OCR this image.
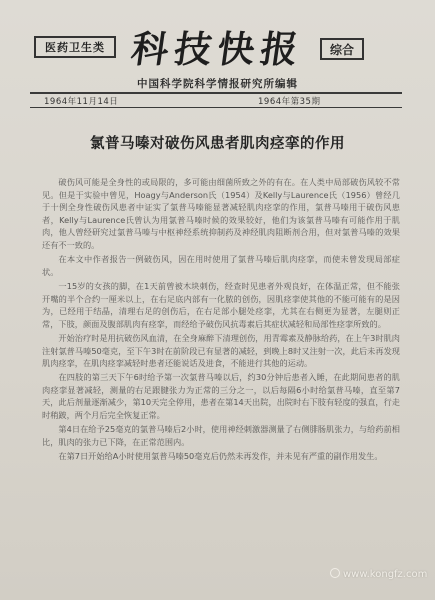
医药卫生类 科技快报	综合
中国科学院科学情报研究所编辑
1964年11月14日	1964年第35期
氯普马嗪对破伤风患者肌肉痉挛的作用

破伤风可能是全身性的或局限的，多可能由细菌所致之外的有在。在人类中局部破伤风较不常见。但是于实验中曾见，Hoagy与Anderson氏（1954）及Kelly与Laurence氏（1956）曾经几于十例全身性破伤风患者中证实了氯普马嗪能显著减轻肌肉痉挛的作用，氯普马嗪用于破伤风患者，Kelly与Laurence氏曾认为用氯普马嗪时候的效果较好，他们为该氯普马嗪有可能作用于肌肉，他人曾经研究过氯普马嗪与中枢神经系统抑制药及神经肌肉阻断剂合用，但对氯普马嗪的效果还有不一致的。

在本文中作者报告一例破伤风，因在用时使用了氯普马嗪后肌肉痉挛，而使未曾发现局部症状。

一15岁的女孩的脚，在1天前曾被木块刺伤，经查时见患者外观良好，在体温正常，但不能张开嘴的半个合约一厘米以上，在右足底内部有一化脓的创伤，因肌痉挛使其他的不能可能有的是因为，已经用于结晶，清理右足的创伤后，在右足部小腿处痉挛，尤其在右侧更为显著，左腿则正常，下肢，颜面及腹部肌肉有痉挛，而经给予破伤风抗毒素后其症状减轻和局部性痉挛所致的。

开始治疗时是用抗破伤风血清，在全身麻醉下清理创伤，用青霉素及静脉给药，在上午3时肌肉注射氯普马嗪50毫克，至下午3时在前阶段已有显著的减轻，到晚上8时又注射一次，此后未再发现肌肉痉挛，在肌肉痉挛减轻时患者还能说话及进食，不能进行其他的运动。

在四肢的第三天下午6时给予第一次氯普马嗪以后，约30分钟后患者入睡，在此期间患者的肌肉痉挛显著减轻，测量的右足跟腱张力为正常的三分之一，以后每隔6小时给氯普马嗪，直至第7天，此后剂量逐渐减少，第10天完全停用，患者在第14天出院，出院时右下肢有轻度的强直，行走时稍跛，两个月后完全恢复正常。

第4日在给予25毫克的氯普马嗪后2小时，使用神经刺激器测量了右侧腓肠肌张力，与给药前相比，肌肉的张力已下降，在正常范围内。

在第7日开始给A小时使用氯普马嗪50毫克后仍然未再发作，并未见有严重的副作用发生。

www.kongfz.com
